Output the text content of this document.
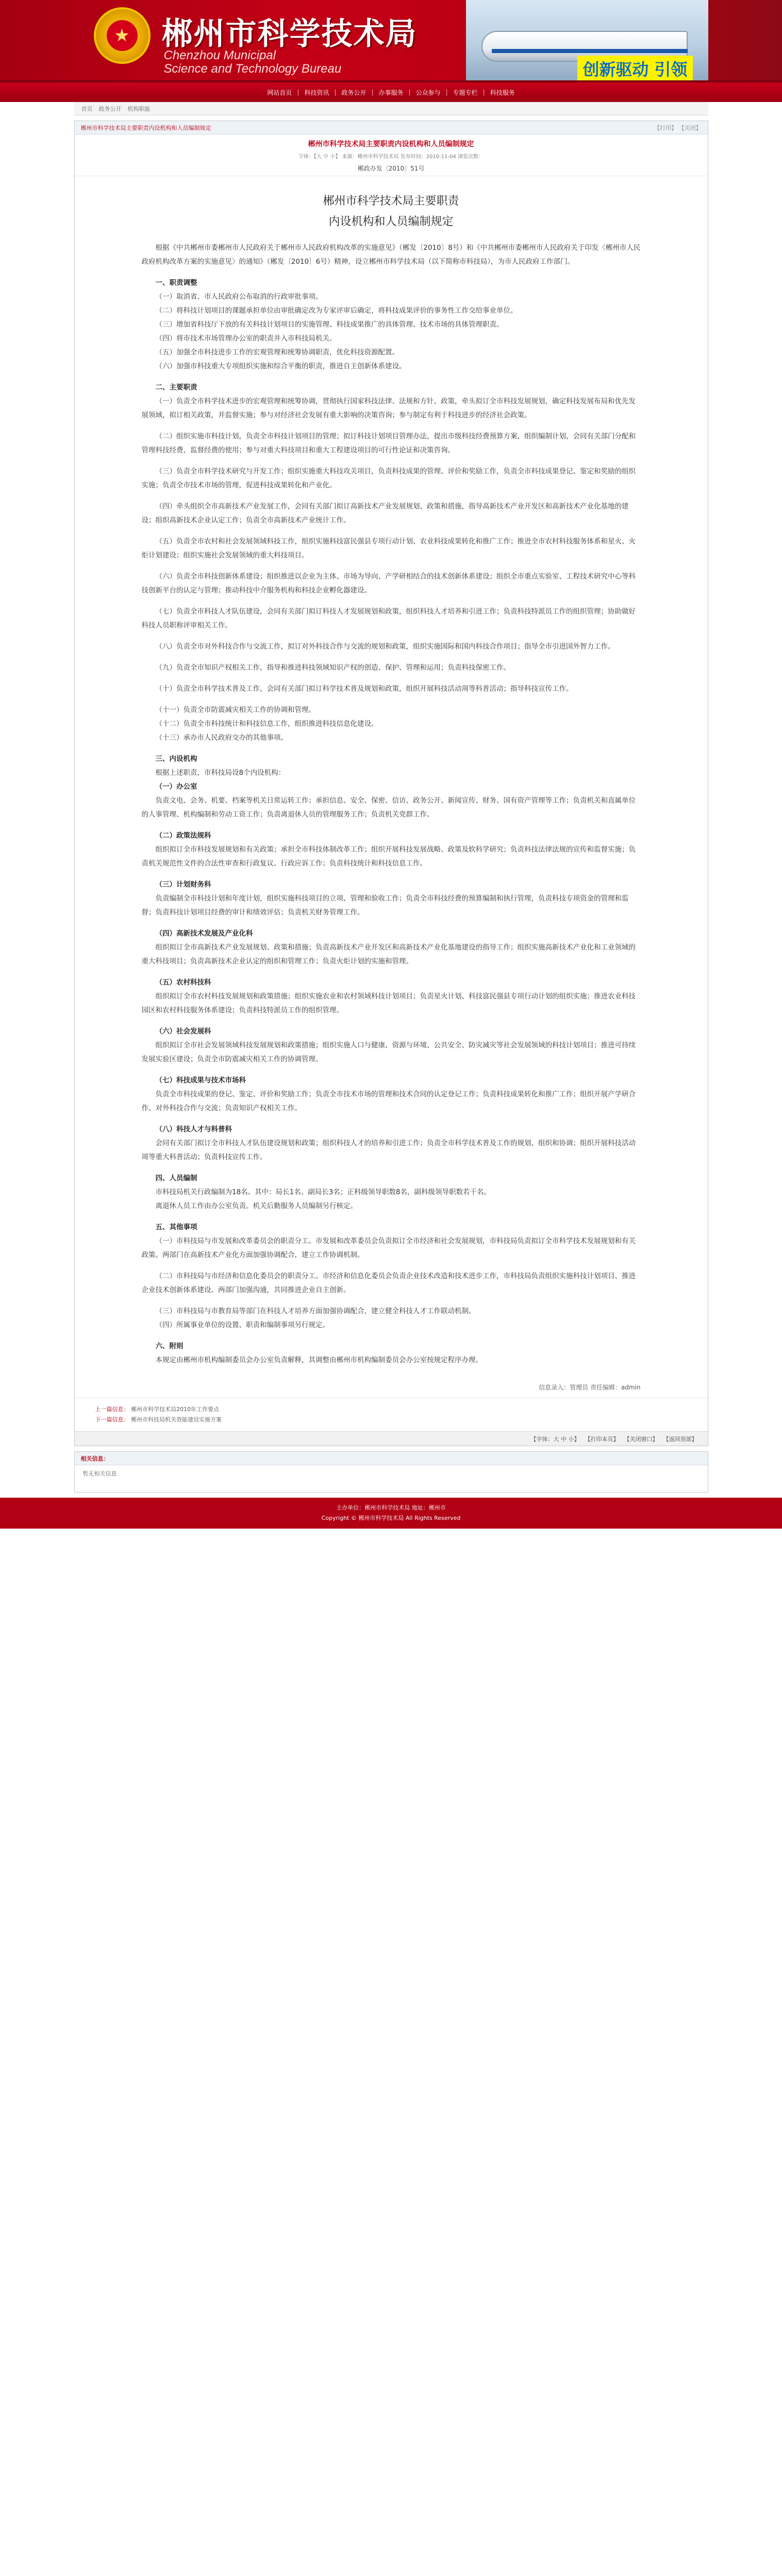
★ 郴州市科学技术局
Chenzhou Municipal
Science and Technology Bureau	创新驱动 引领
网站首页 | 科技资讯 | 政务公开 | 办事服务 | 公众参与 | 专题专栏 | 科技服务
首页 政务公开 机构职能
郴州市科学技术局主要职责内设机构和人员编制规定	【打印】 【关闭】
郴州市科学技术局主要职责内设机构和人员编制规定
字体：【大 中 小】 来源：郴州市科学技术局 发布时间：2010-11-04 浏览次数：
郴政办发〔2010〕51号
郴州市科学技术局主要职责
内设机构和人员编制规定

根据《中共郴州市委郴州市人民政府关于郴州市人民政府机构改革的实施意见》（郴发〔2010〕8号）和《中共郴州市委郴州市人民政府关于印发〈郴州市人民政府机构改革方案的实施意见〉的通知》（郴发〔2010〕6号）精神，设立郴州市科学技术局（以下简称市科技局），为市人民政府工作部门。

一、职责调整

（一）取消省、市人民政府公布取消的行政审批事项。

（二）将科技计划项目的课题承担单位由审批确定改为专家评审后确定，将科技成果评价的事务性工作交给事业单位。

（三）增加省科技厅下放的有关科技计划项目的实施管理、科技成果推广的具体管理、技术市场的具体管理职责。

（四）将市技术市场管理办公室的职责并入市科技局机关。

（五）加强全市科技进步工作的宏观管理和统筹协调职责，优化科技资源配置。

（六）加强市科技重大专项组织实施和综合平衡的职责，推进自主创新体系建设。

二、主要职责

（一）负责全市科学技术进步的宏观管理和统筹协调，贯彻执行国家科技法律、法规和方针、政策，牵头拟订全市科技发展规划，确定科技发展布局和优先发展领域，拟订相关政策，并监督实施；参与对经济社会发展有重大影响的决策咨询；参与制定有利于科技进步的经济社会政策。

（二）组织实施市科技计划，负责全市科技计划项目的管理；拟订科技计划项目管理办法，提出市级科技经费预算方案，组织编制计划，会同有关部门分配和管理科技经费，监督经费的使用；参与对重大科技项目和重大工程建设项目的可行性论证和决策咨询。

（三）负责全市科学技术研究与开发工作；组织实施重大科技攻关项目，负责科技成果的管理、评价和奖励工作，负责全市科技成果登记、鉴定和奖励的组织实施；负责全市技术市场的管理，促进科技成果转化和产业化。

（四）牵头组织全市高新技术产业发展工作，会同有关部门拟订高新技术产业发展规划、政策和措施，指导高新技术产业开发区和高新技术产业化基地的建设；组织高新技术企业认定工作；负责全市高新技术产业统计工作。

（五）负责全市农村和社会发展领域科技工作，组织实施科技富民强县专项行动计划、农业科技成果转化和推广工作；推进全市农村科技服务体系和星火、火炬计划建设；组织实施社会发展领域的重大科技项目。

（六）负责全市科技创新体系建设；组织推进以企业为主体、市场为导向、产学研相结合的技术创新体系建设；组织全市重点实验室、工程技术研究中心等科技创新平台的认定与管理；推动科技中介服务机构和科技企业孵化器建设。

（七）负责全市科技人才队伍建设，会同有关部门拟订科技人才发展规划和政策，组织科技人才培养和引进工作；负责科技特派员工作的组织管理；协助做好科技人员职称评审相关工作。

（八）负责全市对外科技合作与交流工作，拟订对外科技合作与交流的规划和政策，组织实施国际和国内科技合作项目；指导全市引进国外智力工作。

（九）负责全市知识产权相关工作，指导和推进科技领域知识产权的创造、保护、管理和运用；负责科技保密工作。

（十）负责全市科学技术普及工作，会同有关部门拟订科学技术普及规划和政策，组织开展科技活动周等科普活动；指导科技宣传工作。

（十一）负责全市防震减灾相关工作的协调和管理。

（十二）负责全市科技统计和科技信息工作，组织推进科技信息化建设。

（十三）承办市人民政府交办的其他事项。

三、内设机构

根据上述职责，市科技局设8个内设机构：

（一）办公室

负责文电、会务、机要、档案等机关日常运转工作；承担信息、安全、保密、信访、政务公开、新闻宣传、财务、国有资产管理等工作；负责机关和直属单位的人事管理、机构编制和劳动工资工作；负责离退休人员的管理服务工作；负责机关党群工作。

（二）政策法规科

组织拟订全市科技发展规划和有关政策；承担全市科技体制改革工作；组织开展科技发展战略、政策及软科学研究；负责科技法律法规的宣传和监督实施；负责机关规范性文件的合法性审查和行政复议、行政应诉工作；负责科技统计和科技信息工作。

（三）计划财务科

负责编制全市科技计划和年度计划，组织实施科技项目的立项、管理和验收工作；负责全市科技经费的预算编制和执行管理，负责科技专项资金的管理和监督；负责科技计划项目经费的审计和绩效评估；负责机关财务管理工作。

（四）高新技术发展及产业化科

组织拟订全市高新技术产业发展规划、政策和措施；负责高新技术产业开发区和高新技术产业化基地建设的指导工作；组织实施高新技术产业化和工业领域的重大科技项目；负责高新技术企业认定的组织和管理工作；负责火炬计划的实施和管理。

（五）农村科技科

组织拟订全市农村科技发展规划和政策措施；组织实施农业和农村领域科技计划项目；负责星火计划、科技富民强县专项行动计划的组织实施；推进农业科技园区和农村科技服务体系建设；负责科技特派员工作的组织管理。

（六）社会发展科

组织拟订全市社会发展领域科技发展规划和政策措施；组织实施人口与健康、资源与环境、公共安全、防灾减灾等社会发展领域的科技计划项目；推进可持续发展实验区建设；负责全市防震减灾相关工作的协调管理。

（七）科技成果与技术市场科

负责全市科技成果的登记、鉴定、评价和奖励工作；负责全市技术市场的管理和技术合同的认定登记工作；负责科技成果转化和推广工作；组织开展产学研合作、对外科技合作与交流；负责知识产权相关工作。

（八）科技人才与科普科

会同有关部门拟订全市科技人才队伍建设规划和政策；组织科技人才的培养和引进工作；负责全市科学技术普及工作的规划、组织和协调；组织开展科技活动周等重大科普活动；负责科技宣传工作。

四、人员编制

市科技局机关行政编制为18名。其中：局长1名、副局长3名；正科级领导职数8名，副科级领导职数若干名。

离退休人员工作由办公室负责。机关后勤服务人员编制另行核定。

五、其他事项

（一）市科技局与市发展和改革委员会的职责分工。市发展和改革委员会负责拟订全市经济和社会发展规划，市科技局负责拟订全市科学技术发展规划和有关政策。两部门在高新技术产业化方面加强协调配合，建立工作协调机制。

（二）市科技局与市经济和信息化委员会的职责分工。市经济和信息化委员会负责企业技术改造和技术进步工作，市科技局负责组织实施科技计划项目、推进企业技术创新体系建设。两部门加强沟通，共同推进企业自主创新。

（三）市科技局与市教育局等部门在科技人才培养方面加强协调配合，建立健全科技人才工作联动机制。

（四）所属事业单位的设置、职责和编制事项另行规定。

六、附则

本规定由郴州市机构编制委员会办公室负责解释，其调整由郴州市机构编制委员会办公室按规定程序办理。

信息录入：管理员 责任编辑：admin
上一篇信息： 郴州市科学技术局2010年工作要点
下一篇信息： 郴州市科技局机关效能建设实施方案
【字体：大 中 小】 【打印本页】 【关闭窗口】 【返回顶部】
相关信息：
暂无相关信息
主办单位：郴州市科学技术局 地址：郴州市
Copyright © 郴州市科学技术局 All Rights Reserved
